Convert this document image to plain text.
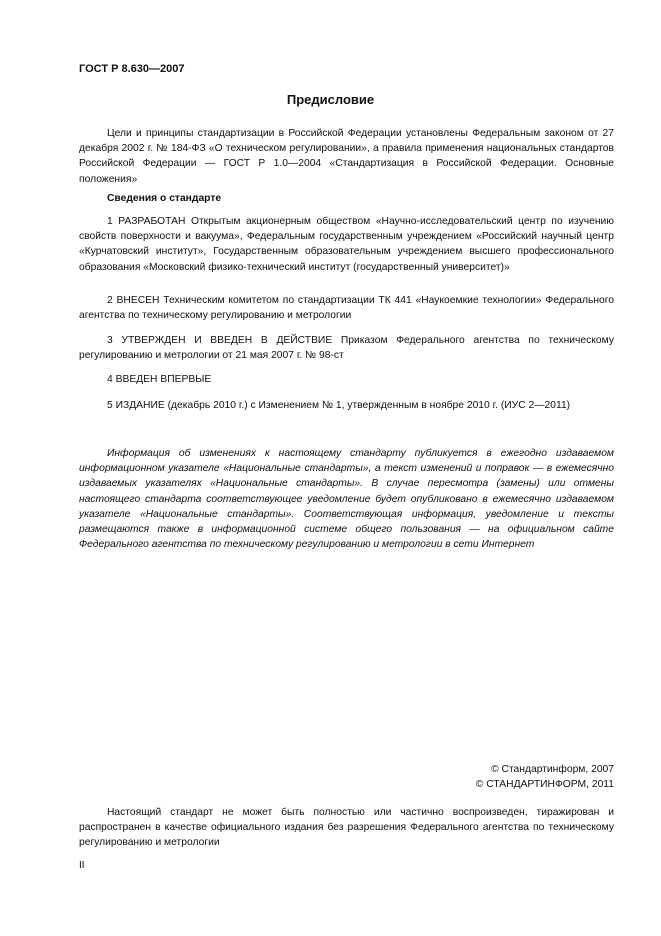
ГОСТ Р 8.630—2007
Предисловие

Цели и принципы стандартизации в Российской Федерации установлены Федеральным законом от 27 декабря 2002 г. № 184-ФЗ «О техническом регулировании», а правила применения национальных стандартов Российской Федерации — ГОСТ Р 1.0—2004 «Стандартизация в Российской Федерации. Основные положения»

Сведения о стандарте

1 РАЗРАБОТАН Открытым акционерным обществом «Научно-исследовательский центр по изучению свойств поверхности и вакуума», Федеральным государственным учреждением «Российский научный центр «Курчатовский институт», Государственным образовательным учреждением высшего профессионального образования «Московский физико-технический институт (государственный университет)»

2 ВНЕСЕН Техническим комитетом по стандартизации ТК 441 «Наукоемкие технологии» Федерального агентства по техническому регулированию и метрологии

3 УТВЕРЖДЕН И ВВЕДЕН В ДЕЙСТВИЕ Приказом Федерального агентства по техническому регулированию и метрологии от 21 мая 2007 г. № 98-ст

4 ВВЕДЕН ВПЕРВЫЕ

5 ИЗДАНИЕ (декабрь 2010 г.) с Изменением № 1, утвержденным в ноябре 2010 г. (ИУС 2—2011)

Информация об изменениях к настоящему стандарту публикуется в ежегодно издаваемом информационном указателе «Национальные стандарты», а текст изменений и поправок — в ежемесячно издаваемых указателях «Национальные стандарты». В случае пересмотра (замены) или отмены настоящего стандарта соответствующее уведомление будет опубликовано в ежемесячно издаваемом указателе «Национальные стандарты». Соответствующая информация, уведомление и тексты размещаются также в информационной системе общего пользования — на официальном сайте Федерального агентства по техническому регулированию и метрологии в сети Интернет

© Стандартинформ, 2007
© СТАНДАРТИНФОРМ, 2011

Настоящий стандарт не может быть полностью или частично воспроизведен, тиражирован и распространен в качестве официального издания без разрешения Федерального агентства по техническому регулированию и метрологии

II
